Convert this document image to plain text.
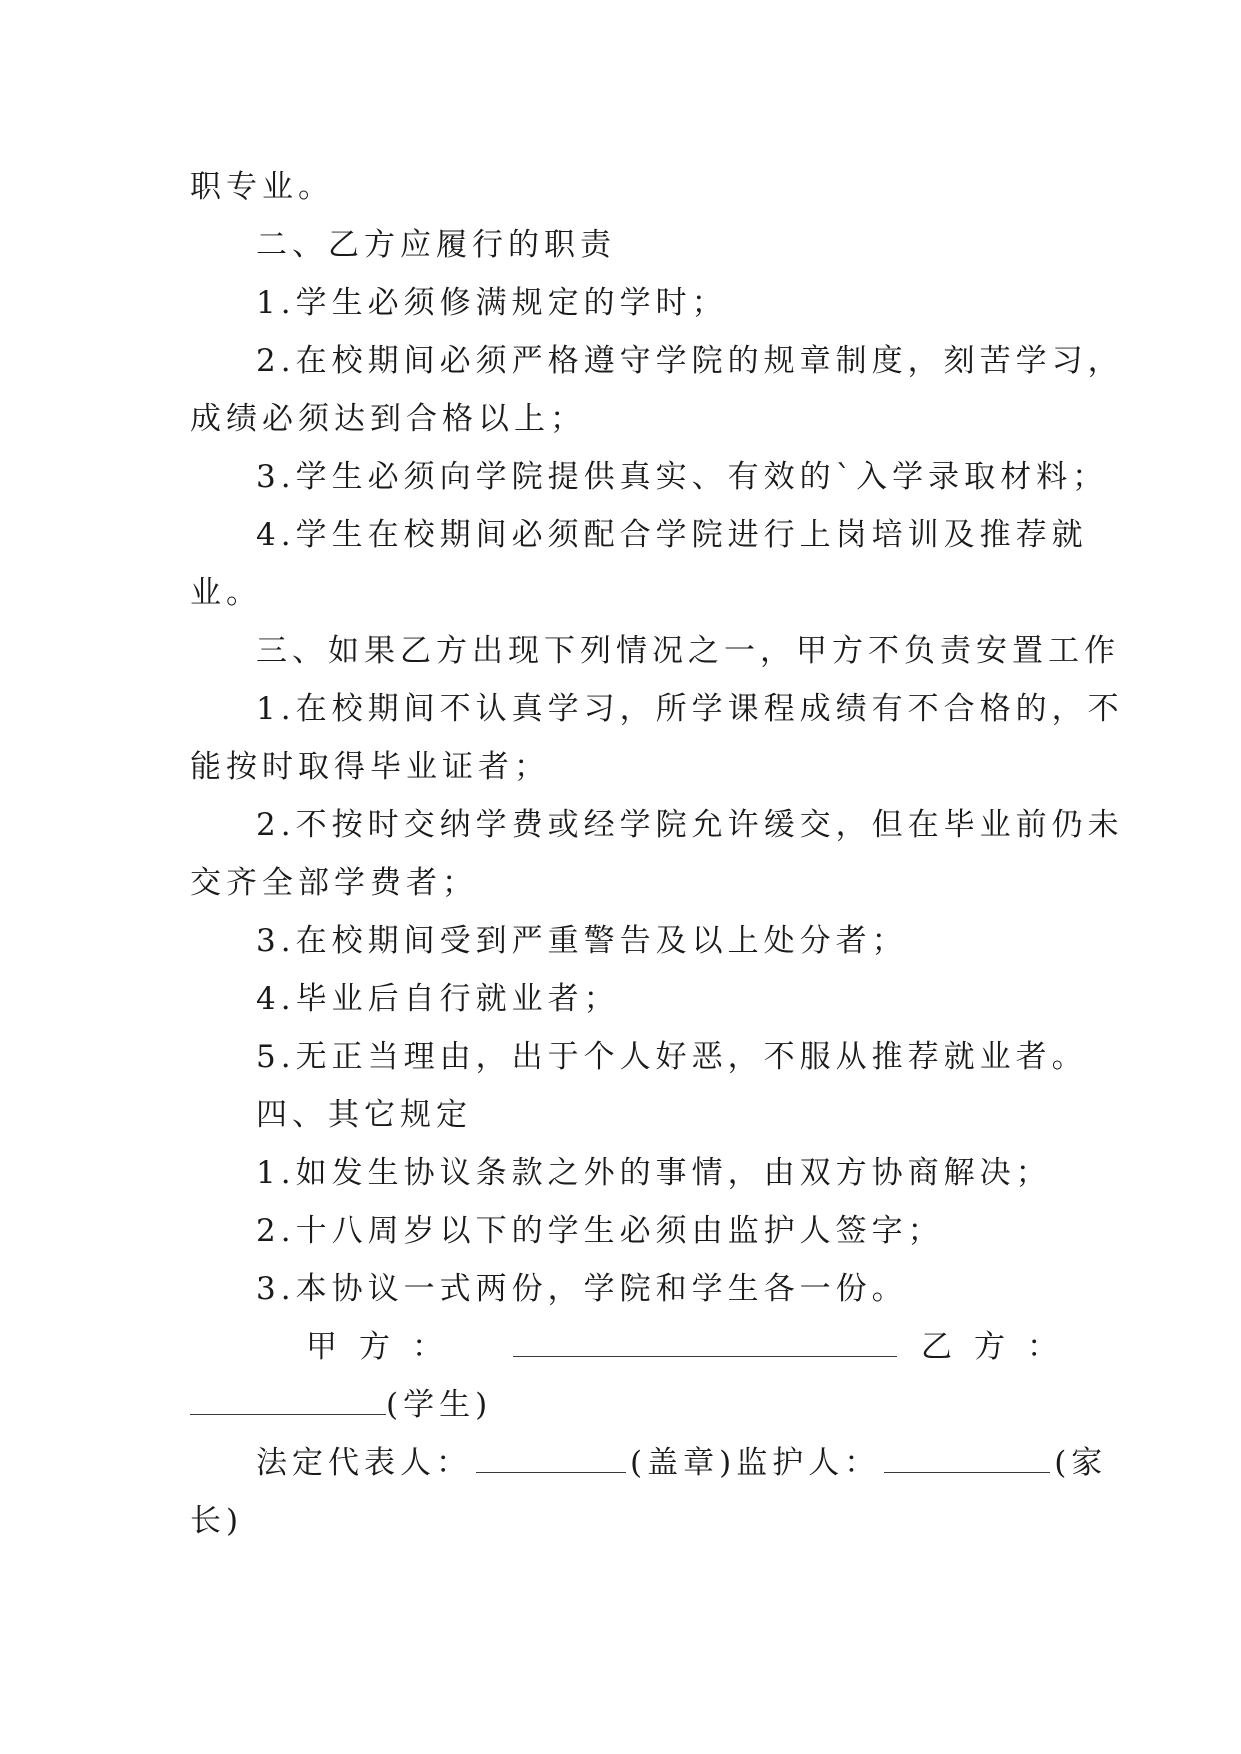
职专业。

二、乙方应履行的职责

1.学生必须修满规定的学时；

2.在校期间必须严格遵守学院的规章制度，刻苦学习，

成绩必须达到合格以上；

3.学生必须向学院提供真实、有效的`入学录取材料；

4.学生在校期间必须配合学院进行上岗培训及推荐就

业。

三、如果乙方出现下列情况之一，甲方不负责安置工作

1.在校期间不认真学习，所学课程成绩有不合格的，不

能按时取得毕业证者；

2.不按时交纳学费或经学院允许缓交，但在毕业前仍未

交齐全部学费者；

3.在校期间受到严重警告及以上处分者；

4.毕业后自行就业者；

5.无正当理由，出于个人好恶，不服从推荐就业者。

四、其它规定

1.如发生协议条款之外的事情，由双方协商解决；

2.十八周岁以下的学生必须由监护人签字；

3.本协议一式两份，学院和学生各一份。

甲方：	乙方：

(学生)

法定代表人：	(盖章)监护人：	(家

长)
